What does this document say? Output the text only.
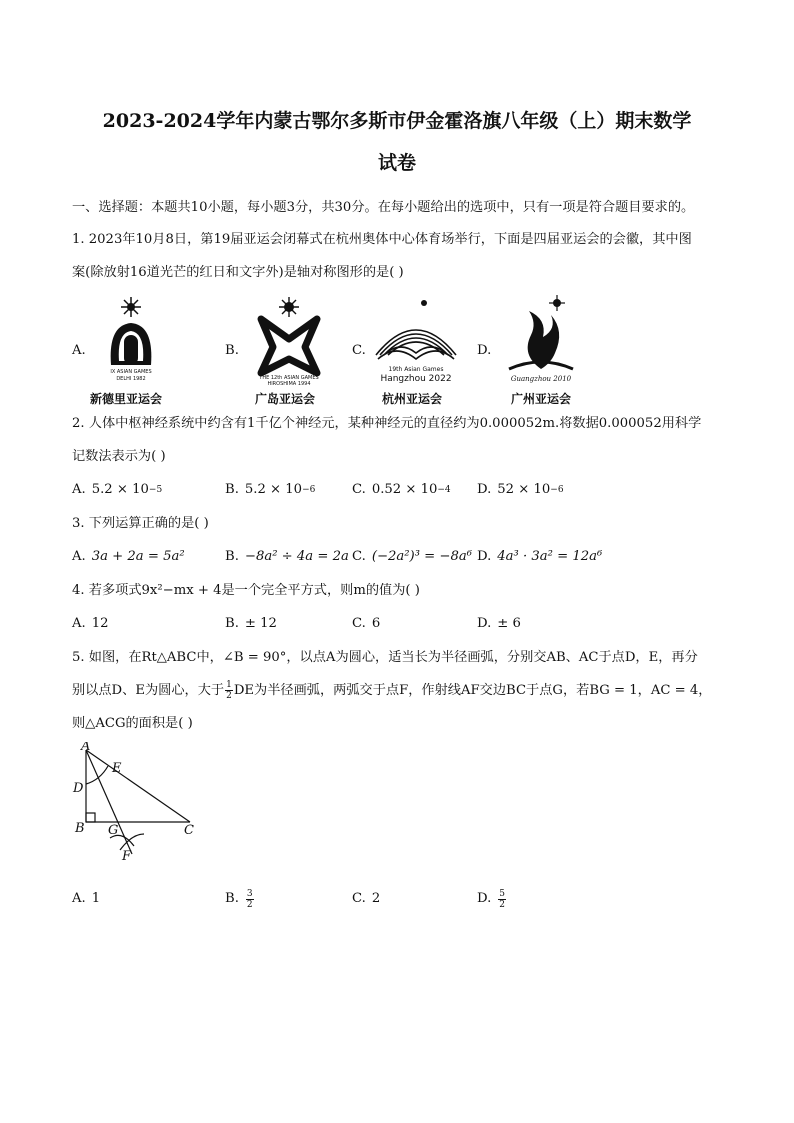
2023-2024学年内蒙古鄂尔多斯市伊金霍洛旗八年级（上）期末数学
试卷
一、选择题：本题共10小题，每小题3分，共30分。在每小题给出的选项中，只有一项是符合题目要求的。

1. 2023年10月8日，第19届亚运会闭幕式在杭州奥体中心体育场举行，下面是四届亚运会的会徽，其中图

案(除放射16道光芒的红日和文字外)是轴对称图形的是( )

A.
IX ASIAN GAMES
DELHI 1982
新德里亚运会
B.
THE 12th ASIAN GAMES
HIROSHIMA 1994
广岛亚运会
C.
19th Asian Games
Hangzhou 2022
杭州亚运会
D.
Guangzhou 2010
广州亚运会

2. 人体中枢神经系统中约含有1千亿个神经元，某种神经元的直径约为0.000052m.将数据0.000052用科学

记数法表示为( )

A. 5.2 × 10 −5	B. 5.2 × 10 −6	C. 0.52 × 10 −4 D. 52 × 10 −6

3. 下列运算正确的是( )

A. 3a + 2a = 5a²	B. −8a² ÷ 4a = 2a C. (−2a²)³ = −8a⁶ D. 4a³ · 3a² = 12a⁶

4. 若多项式9x²−mx + 4是一个完全平方式，则m的值为( )

A. 12	B. ± 12	C. 6	D. ± 6

5. 如图，在Rt△ABC中，∠B = 90°，以点A为圆心，适当长为半径画弧，分别交AB、AC于点D，E，再分

别以点D、E为圆心，大于 $\frac{1}{2}$ DE为半径画弧，两弧交于点F，作射线AF交边BC于点G，若BG = 1，AC = 4，

则△ACG的面积是( )

A
B	C
D
E
F
G
A. 1	B. $\frac{3}{2}$	C. 2	D. $\frac{5}{2}$
